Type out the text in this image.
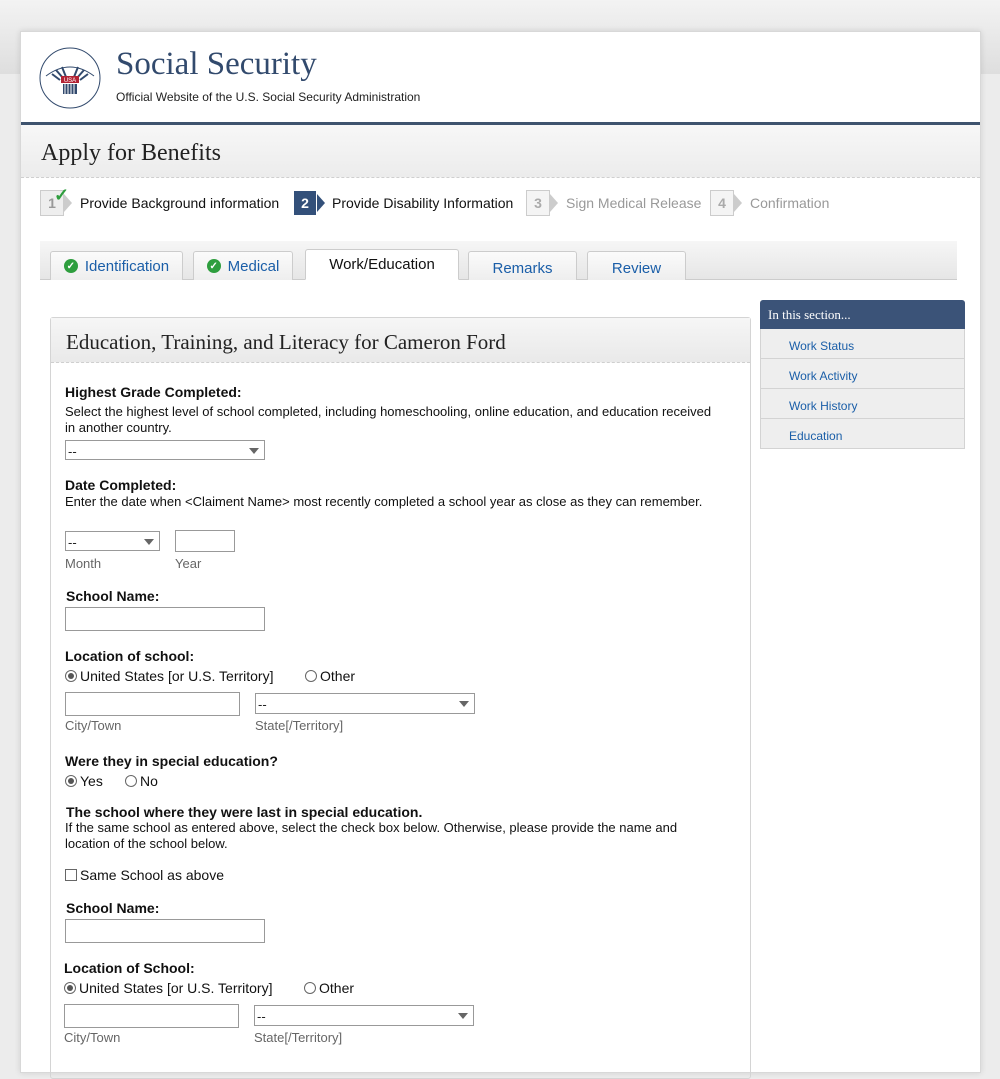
USA Social Security
Official Website of the U.S. Social Security Administration
Apply for Benefits
1
✓ Provide Background information	2	Provide Disability Information	3	Sign Medical Release	4	Confirmation
✓ Identification	✓ Medical	Work/Education	Remarks	Review
Education, Training, and Literacy for Cameron Ford
Highest Grade Completed:
Select the highest level of school completed, including homeschooling, online education, and education received in another country.
--
Date Completed:
Enter the date when <Claiment Name> most recently completed a school year as close as they can remember.
--
Month	Year
School Name:
Location of school:
United States [or U.S. Territory]	Other
--
City/Town	State[/Territory]
Were they in special education?
Yes	No
The school where they were last in special education.
If the same school as entered above, select the check box below. Otherwise, please provide the name and location of the school below.
Same School as above
School Name:
Location of School:
United States [or U.S. Territory]	Other
--
City/Town	State[/Territory]
In this section...
Work Status
Work Activity
Work History
Education
